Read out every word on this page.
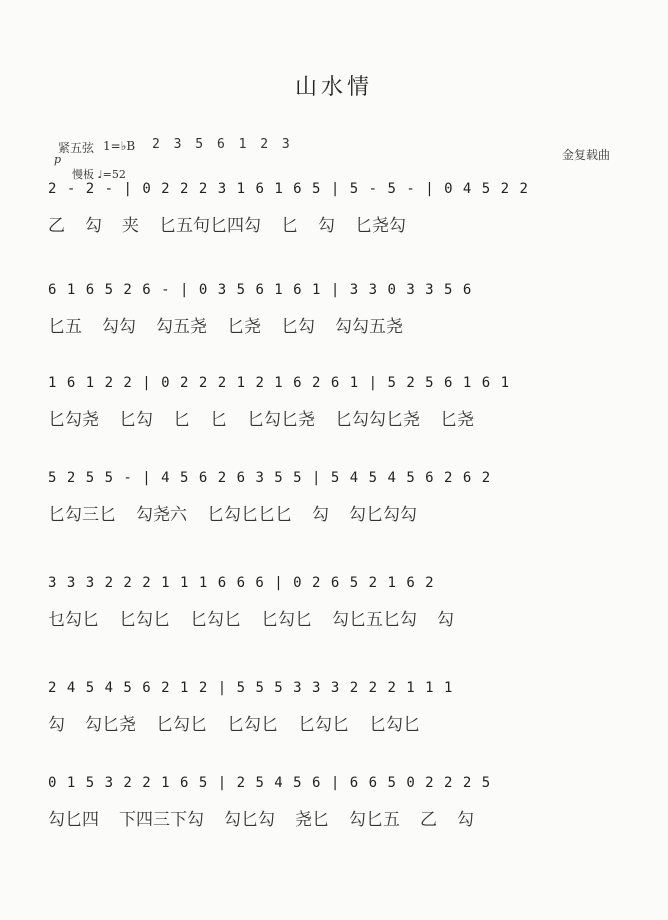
山水情
紧五弦 1=♭B 2 3 5 6 1 2 3
金复载曲
p
慢板 ♩=52
2 - 2 - | 0 2 2 2 3 1 6 1 6 5 | 5 - 5 - | 0 4 5 2 2
乙 勾 夹 匕五句匕四勾 匕 勾 匕尧勾
6 1 6 5 2 6 - | 0 3 5 6 1 6 1 | 3 3 0 3 3 5 6
匕五 勾勾 勾五尧 匕尧 匕勾 勾勾五尧
1 6 1 2 2 | 0 2 2 2 1 2 1 6 2 6 1 | 5 2 5 6 1 6 1
匕勾尧 匕勾 匕 匕 匕勾匕尧 匕勾勾匕尧 匕尧
5 2 5 5 - | 4 5 6 2 6 3 5 5 | 5 4 5 4 5 6 2 6 2
匕勾三匕 勾尧六 匕勾匕匕匕 勾 勾匕勾勾
3 3 3 2 2 2 1 1 1 6 6 6 | 0 2 6 5 2 1 6 2
乜勾匕 匕勾匕 匕勾匕 匕勾匕 勾匕五匕勾 勾
2 4 5 4 5 6 2 1 2 | 5 5 5 3 3 3 2 2 2 1 1 1
勾 勾匕尧 匕勾匕 匕勾匕 匕勾匕 匕勾匕
0 1 5 3 2 2 1 6 5 | 2 5 4 5 6 | 6 6 5 0 2 2 2 5
勾匕四 下四三下勾 勾匕勾 尧匕 勾匕五 乙 勾
